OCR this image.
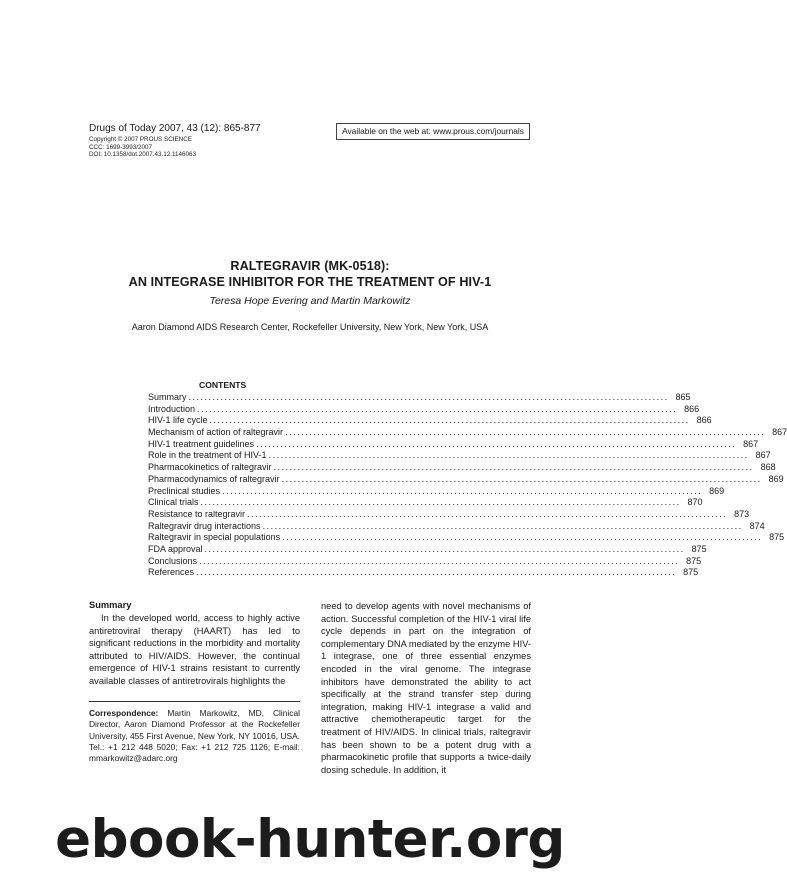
Drugs of Today 2007, 43 (12): 865-877
Copyright © 2007 PROUS SCIENCE
CCC: 1699-3993/2007
DOI: 10.1358/dot.2007.43.12.1146063
Available on the web at: www.prous.com/journals
RALTEGRAVIR (MK-0518):
AN INTEGRASE INHIBITOR FOR THE TREATMENT OF HIV-1
Teresa Hope Evering and Martin Markowitz
Aaron Diamond AIDS Research Center, Rockefeller University, New York, New York, USA
CONTENTS
Summary ........................................................................................................................ 865
Introduction ........................................................................................................................ 866
HIV-1 life cycle ........................................................................................................................ 866
Mechanism of action of raltegravir ........................................................................................................................ 867
HIV-1 treatment guidelines ........................................................................................................................ 867
Role in the treatment of HIV-1 ........................................................................................................................ 867
Pharmacokinetics of raltegravir ........................................................................................................................ 868
Pharmacodynamics of raltegravir ........................................................................................................................ 869
Preclinical studies ........................................................................................................................ 869
Clinical trials ........................................................................................................................ 870
Resistance to raltegravir ........................................................................................................................ 873
Raltegravir drug interactions ........................................................................................................................ 874
Raltegravir in special populations ........................................................................................................................ 875
FDA approval ........................................................................................................................ 875
Conclusions ........................................................................................................................ 875
References ........................................................................................................................ 875
Summary
In the developed world, access to highly active antiretroviral therapy (HAART) has led to significant reductions in the morbidity and mortality attributed to HIV/AIDS. However, the continual emergence of HIV-1 strains resistant to currently available classes of antiretrovirals highlights the
need to develop agents with novel mechanisms of action. Successful completion of the HIV-1 viral life cycle depends in part on the integration of complementary DNA mediated by the enzyme HIV-1 integrase, one of three essential enzymes encoded in the viral genome. The integrase inhibitors have demonstrated the ability to act specifically at the strand transfer step during integration, making HIV-1 integrase a valid and attractive chemotherapeutic target for the treatment of HIV/AIDS. In clinical trials, raltegravir has been shown to be a potent drug with a pharmacokinetic profile that supports a twice-daily dosing schedule. In addition, it
Correspondence: Martin Markowitz, MD, Clinical Director, Aaron Diamond Professor at the Rockefeller University, 455 First Avenue, New York, NY 10016, USA. Tel.: +1 212 448 5020; Fax: +1 212 725 1126; E-mail: mmarkowitz@adarc.org
ebook-hunter.org
